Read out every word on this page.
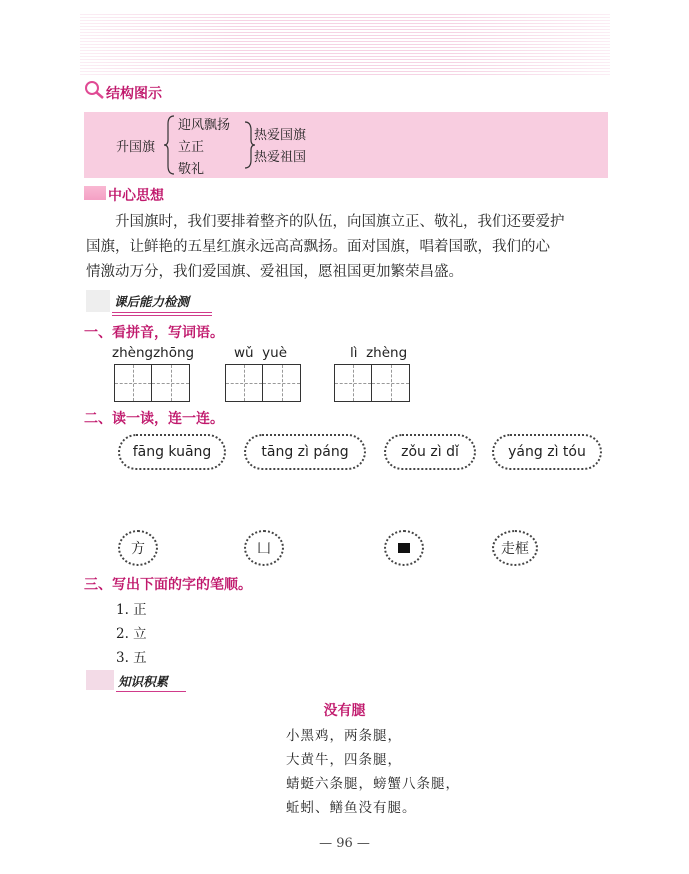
结构图示
升国旗
迎风飘扬
立正
敬礼
热爱国旗
热爱祖国
中心思想
升国旗时，我们要排着整齐的队伍，向国旗立正、敬礼，我们还要爱护
国旗，让鲜艳的五星红旗永远高高飘扬。面对国旗，唱着国歌，我们的心
情激动万分，我们爱国旗、爱祖国，愿祖国更加繁荣昌盛。
课后能力检测
一、看拼音，写词语。
zhèngzhōng	wǔ  yuè	lì  zhèng
二、读一读，连一连。
fāng kuāng	tāng zì páng	zǒu zì dǐ	yáng zì tóu
方	凵	走框
三、写出下面的字的笔顺。
1. 正
2. 立
3. 五
知识积累
没有腿
小黑鸡，两条腿，
大黄牛，四条腿，
蜻蜓六条腿，螃蟹八条腿，
蚯蚓、鳝鱼没有腿。
— 96 —
